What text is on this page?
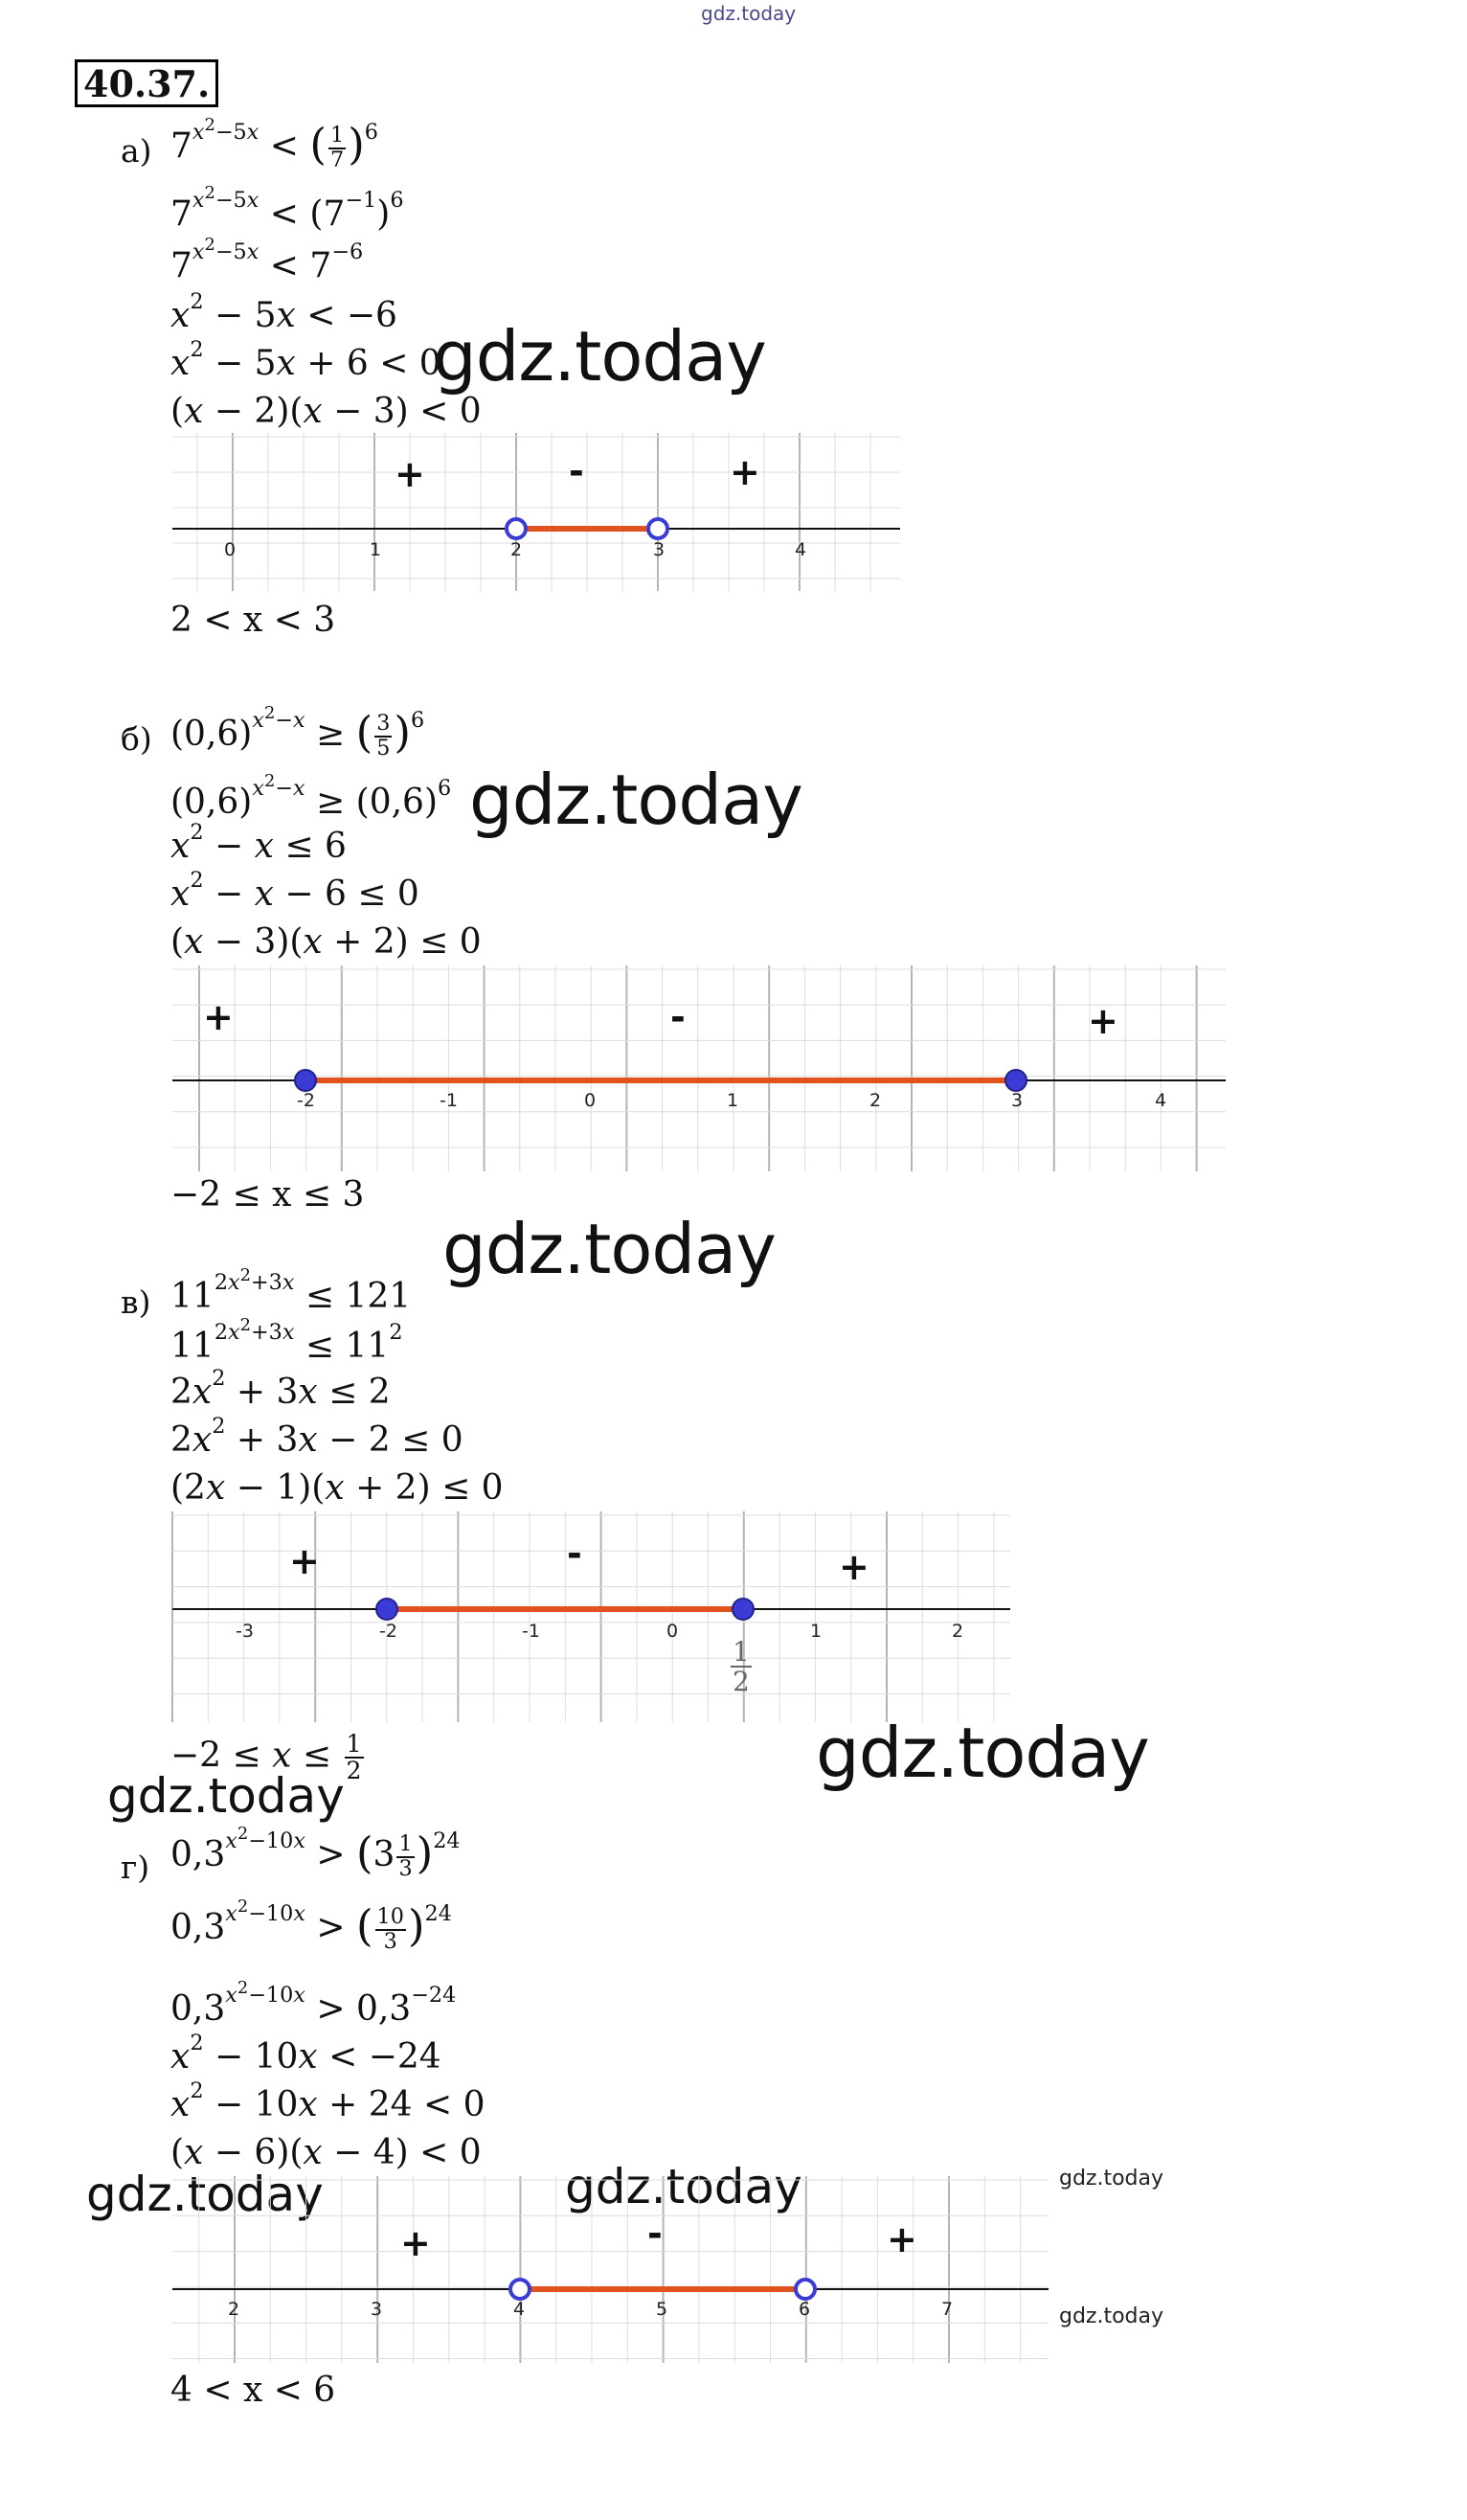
gdz.today
40.37.
а) $7^{x^2-5x}$ < ( $\frac{1}{7} )^6$
$7^{x^2-5x} < (7^{-1})^6$
$7^{x^2-5x} < 7^{-6}$
$x^2 - 5x < -6$
$x^2 - 5x + 6 < 0$
(x − 2)(x − 3) < 0
gdz.today
+	-	+
0	1	2	3	4
2 < x < 3
б) $(0,6)^{x^2-x}$ ≥ ( $\frac{3}{5} )^6$
$(0,6)^{x^2-x} \ge (0,6)^6$
$x^2 - x \le 6$
$x^2 - x - 6 \le 0$
(x − 3)(x + 2) ≤ 0
gdz.today
+	-	+
-2	-1	0	1	2	3	4
−2 ≤ x ≤ 3
gdz.today
в) $11^{2x^2+3x} \le 121$
$11^{2x^2+3x} \le 11^2$
$2x^2 + 3x \le 2$
$2x^2 + 3x - 2 \le 0$
(2x − 1)(x + 2) ≤ 0
+	-	+
-3	-2	-1	0	1	2
1
2
$-2 \le x \le \frac{1}{2}$	gdz.today
gdz.today
г) $0,3^{x^2-10x} > (3 \frac{1}{3} )^{24}$
$0,3^{x^2-10x}$ > ( $\frac{10}{3} )^{24}$
$0,3^{x^2-10x} > 0,3^{-24}$
$x^2 - 10x < -24$
$x^2 - 10x + 24 < 0$
(x − 6)(x − 4) < 0
gdz.today	gdz.today	gdz.today
gdz.today
+	-	+
2	3	4	5	6	7
4 < x < 6
